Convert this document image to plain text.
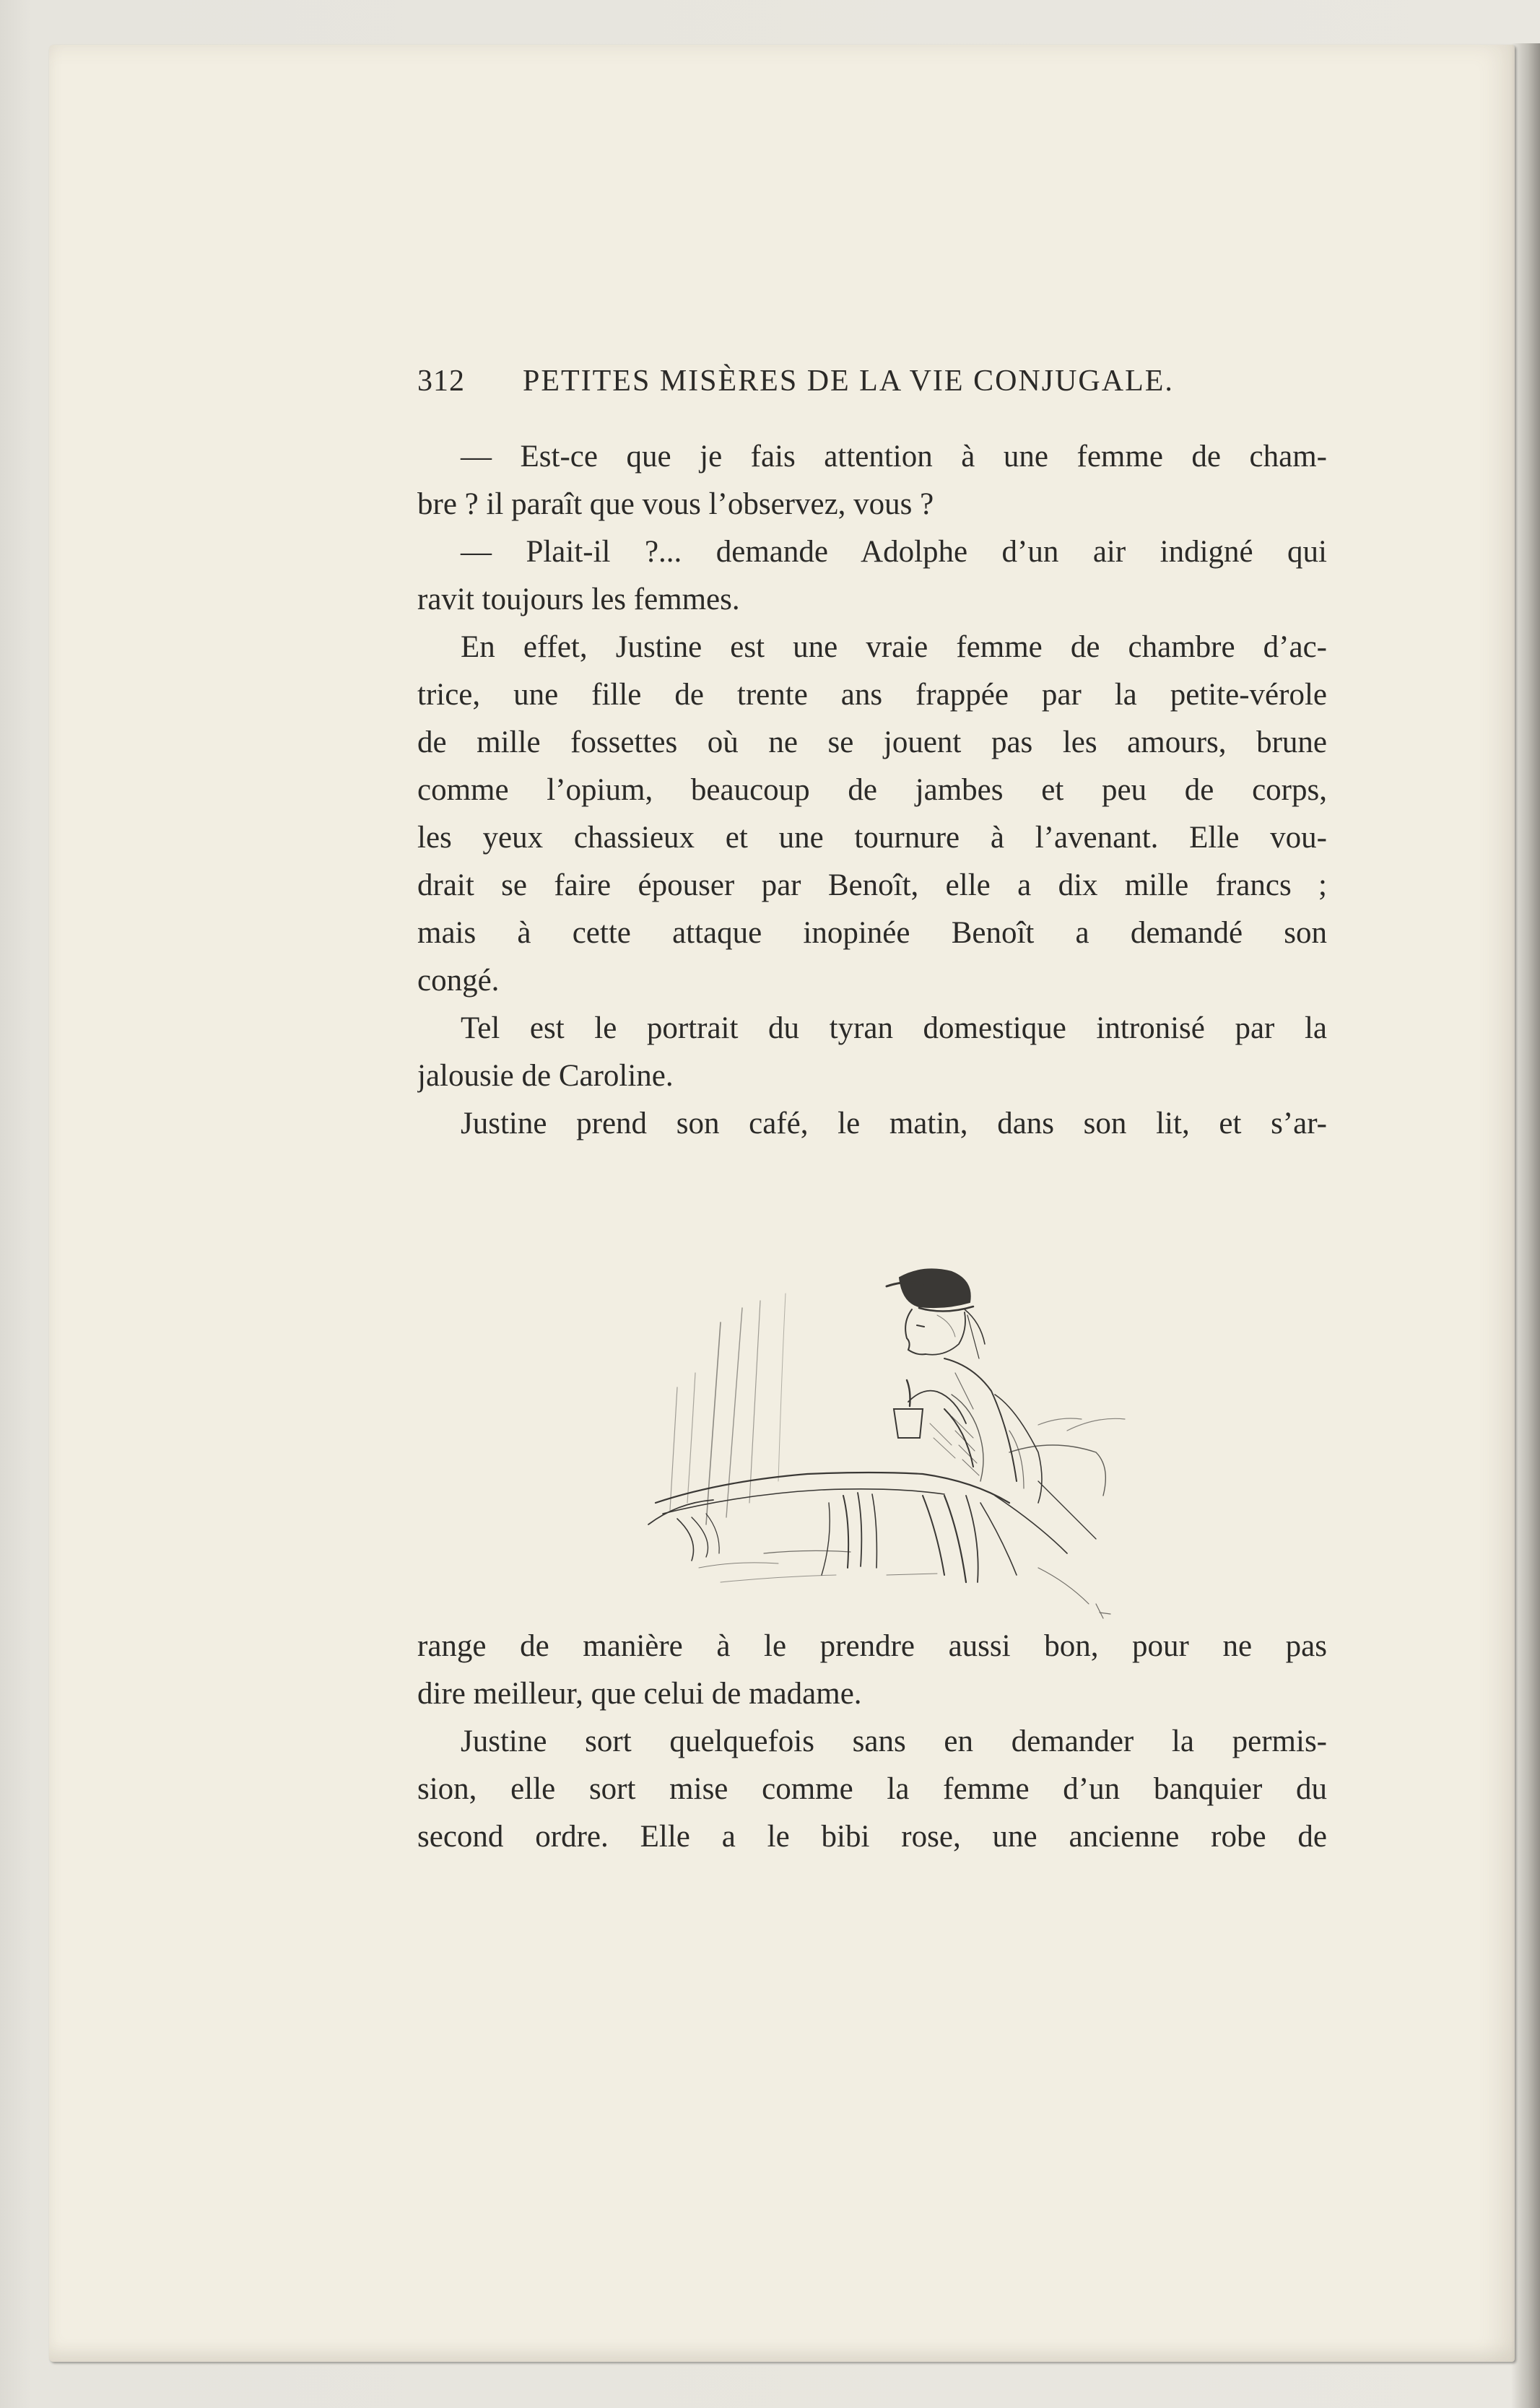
312 PETITES MISÈRES DE LA VIE CONJUGALE.
— Est-ce que je fais attention à une femme de cham-
bre ? il paraît que vous l’observez, vous ?
— Plait-il ?... demande Adolphe d’un air indigné qui
ravit toujours les femmes.
En effet, Justine est une vraie femme de chambre d’ac-
trice, une fille de trente ans frappée par la petite-vérole
de mille fossettes où ne se jouent pas les amours, brune
comme l’opium, beaucoup de jambes et peu de corps,
les yeux chassieux et une tournure à l’avenant. Elle vou-
drait se faire épouser par Benoît, elle a dix mille francs ;
mais à cette attaque inopinée Benoît a demandé son
congé.
Tel est le portrait du tyran domestique intronisé par la
jalousie de Caroline.
Justine prend son café, le matin, dans son lit, et s’ar-
range de manière à le prendre aussi bon, pour ne pas
dire meilleur, que celui de madame.
Justine sort quelquefois sans en demander la permis-
sion, elle sort mise comme la femme d’un banquier du
second ordre. Elle a le bibi rose, une ancienne robe de
